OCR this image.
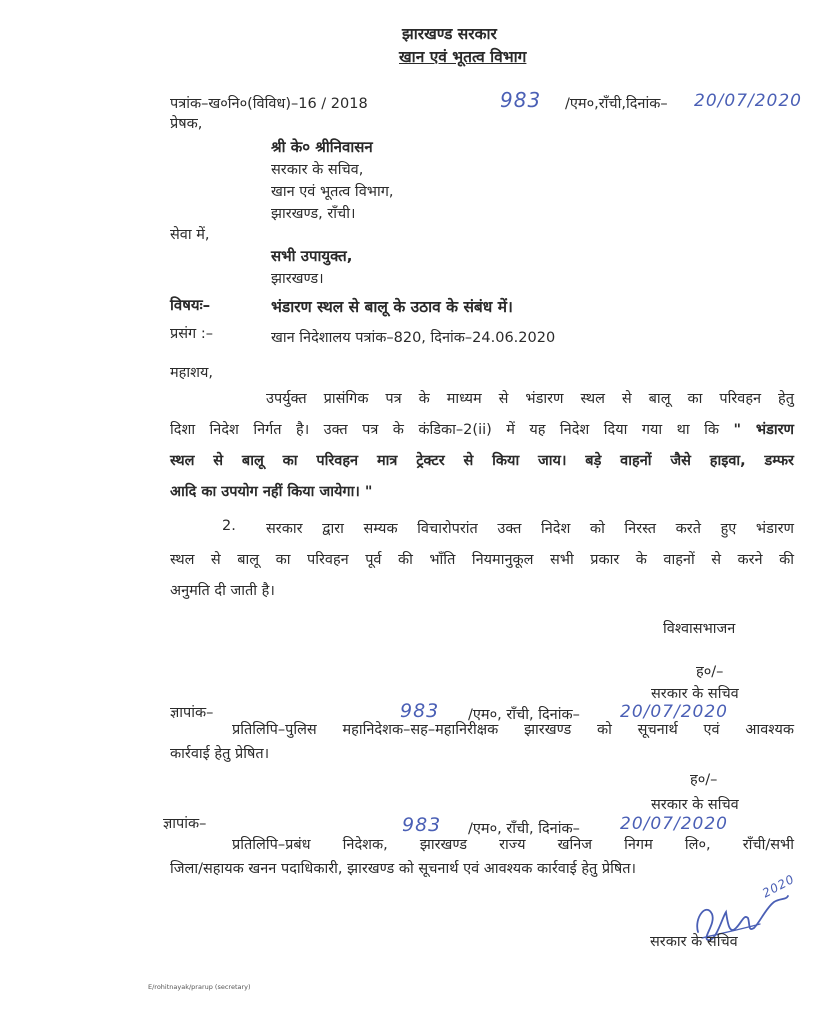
झारखण्ड सरकार
खान एवं भूतत्व विभाग
पत्रांक–ख०नि०(विविध)–16 / 2018	983 /एम०,राँची,दिनांक– 20/07/2020
प्रेषक,
श्री के० श्रीनिवासन
सरकार के सचिव,
खान एवं भूतत्व विभाग,
झारखण्ड, राँची।
सेवा में,
सभी उपायुक्त,
झारखण्ड।
विषयः–	भंडारण स्थल से बालू के उठाव के संबंध में।
प्रसंग :–	खान निदेशालय पत्रांक–820, दिनांक–24.06.2020
महाशय,
उपर्युक्त प्रासंगिक पत्र के माध्यम से भंडारण स्थल से बालू का परिवहन हेतु
दिशा निदेश निर्गत है। उक्त पत्र के कंडिका–2(ii) में यह निदेश दिया गया था कि " भंडारण
स्थल से बालू का परिवहन मात्र ट्रेक्टर से किया जाय। बड़े वाहनों जैसे हाइवा, डम्फर
आदि का उपयोग नहीं किया जायेगा। "
2.	सरकार द्वारा सम्यक विचारोपरांत उक्त निदेश को निरस्त करते हुए भंडारण
स्थल से बालू का परिवहन पूर्व की भाँति नियमानुकूल सभी प्रकार के वाहनों से करने की
अनुमति दी जाती है।
विश्वासभाजन
ह०/–
सरकार के सचिव
ज्ञापांक–	983 /एम०, राँची, दिनांक– 20/07/2020
प्रतिलिपि–पुलिस महानिदेशक–सह–महानिरीक्षक झारखण्ड को सूचनार्थ एवं आवश्यक
कार्रवाई हेतु प्रेषित।
ह०/–
सरकार के सचिव
ज्ञापांक–	983 /एम०, राँची, दिनांक– 20/07/2020
प्रतिलिपि–प्रबंध निदेशक, झारखण्ड राज्य खनिज निगम लि०, राँची/सभी
जिला/सहायक खनन पदाधिकारी, झारखण्ड को सूचनार्थ एवं आवश्यक कार्रवाई हेतु प्रेषित।
2020
सरकार के सचिव
E/rohitnayak/prarup (secretary)
